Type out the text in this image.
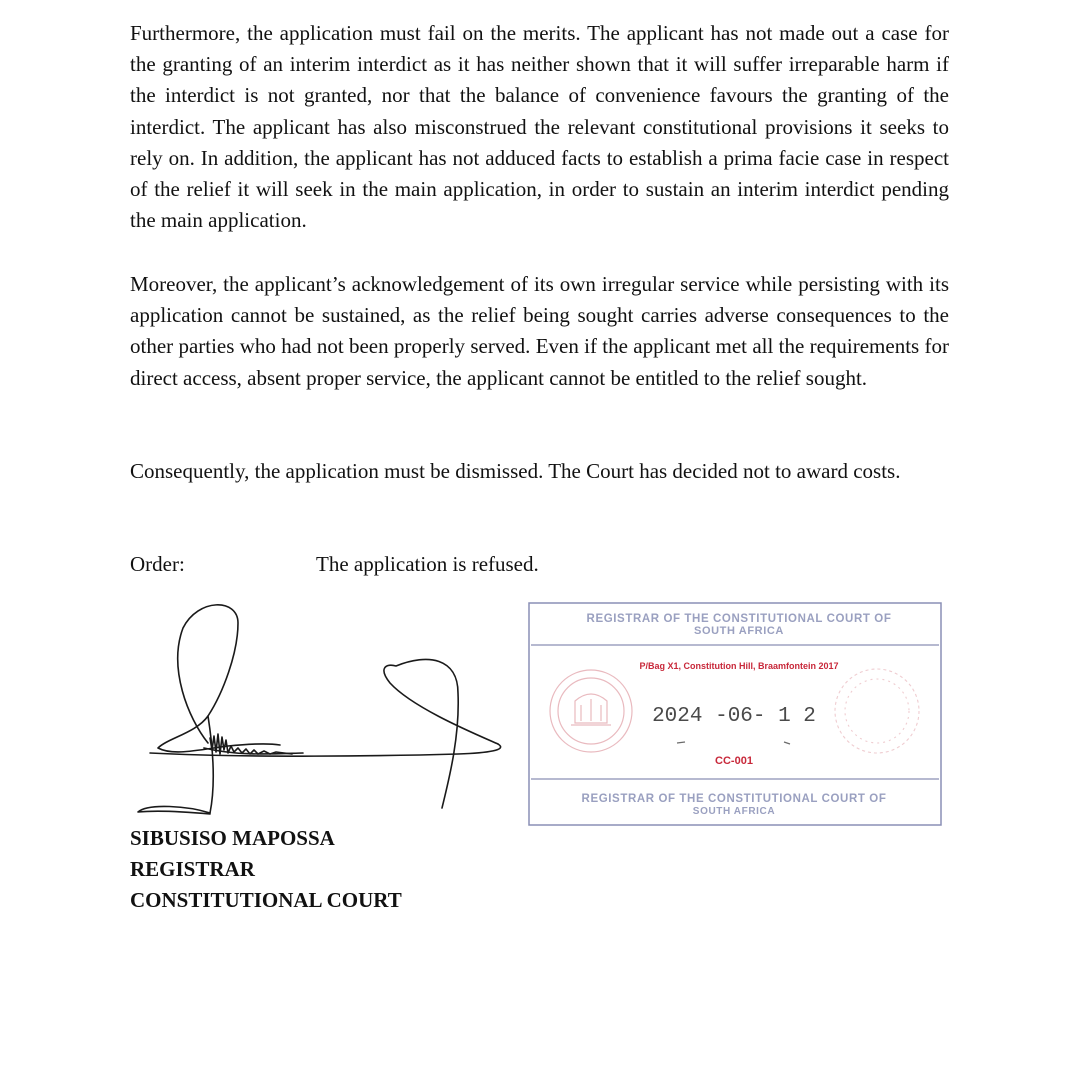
Furthermore, the application must fail on the merits. The applicant has not made out a case for the granting of an interim interdict as it has neither shown that it will suffer irreparable harm if the interdict is not granted, nor that the balance of convenience favours the granting of the interdict. The applicant has also misconstrued the relevant constitutional provisions it seeks to rely on. In addition, the applicant has not adduced facts to establish a prima facie case in respect of the relief it will seek in the main application, in order to sustain an interim interdict pending the main application.

Moreover, the applicant’s acknowledgement of its own irregular service while persisting with its application cannot be sustained, as the relief being sought carries adverse consequences to the other parties who had not been properly served. Even if the applicant met all the requirements for direct access, absent proper service, the applicant cannot be entitled to the relief sought.

Consequently, the application must be dismissed. The Court has decided not to award costs.

Order:	The application is refused.
REGISTRAR OF THE CONSTITUTIONAL COURT OF
SOUTH AFRICA
P/Bag X1, Constitution Hill, Braamfontein 2017
2024 -06- 1 2
CC-001
REGISTRAR OF THE CONSTITUTIONAL COURT OF
SOUTH AFRICA
SIBUSISO MAPOSSA
REGISTRAR
CONSTITUTIONAL COURT
